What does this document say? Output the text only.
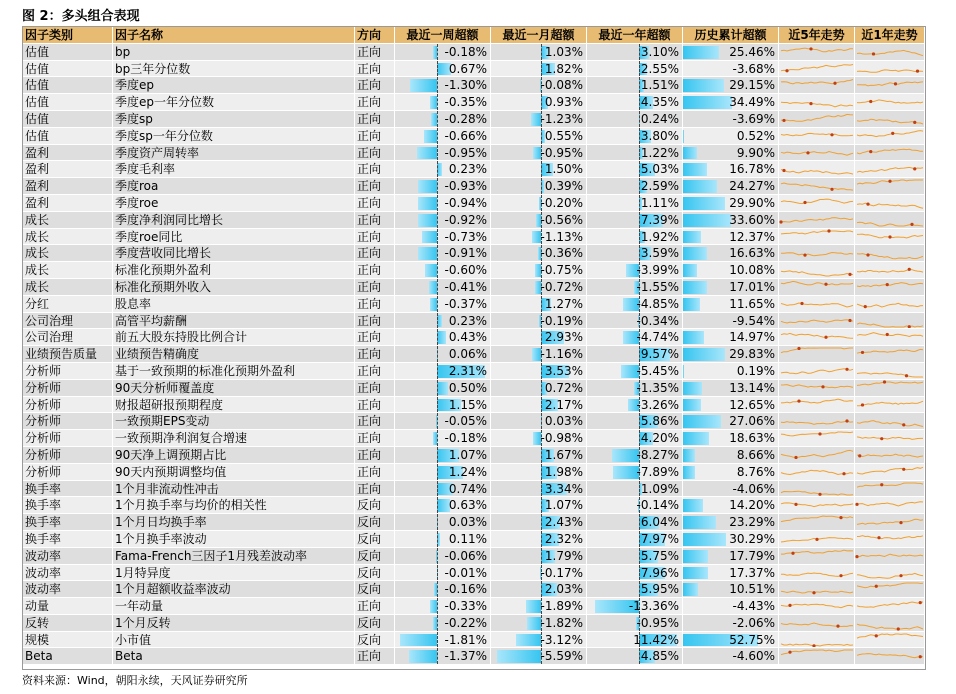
图 2：多头组合表现
因子类别	因子名称	方向	最近一周超额	最近一月超额	最近一年超额	历史累计超额	近5年走势	近1年走势
估值	bp	正向	-0.18%	1.03%	3.10%	25.46%
估值	bp三年分位数	正向	0.67%	1.82%	2.55%	-3.68%
估值	季度ep	正向	-1.30%	-0.08%	1.51%	29.15%
估值	季度ep一年分位数	正向	-0.35%	0.93%	4.35%	34.49%
估值	季度sp	正向	-0.28%	-1.23%	0.24%	-3.69%
估值	季度sp一年分位数	正向	-0.66%	0.55%	3.80%	0.52%
盈利	季度资产周转率	正向	-0.95%	-0.95%	1.22%	9.90%
盈利	季度毛利率	正向	0.23%	1.50%	5.03%	16.78%
盈利	季度roa	正向	-0.93%	0.39%	2.59%	24.27%
盈利	季度roe	正向	-0.94%	-0.20%	1.11%	29.90%
成长	季度净利润同比增长	正向	-0.92%	-0.56%	7.39%	33.60%
成长	季度roe同比	正向	-0.73%	-1.13%	1.92%	12.37%
成长	季度营收同比增长	正向	-0.91%	-0.36%	3.59%	16.63%
成长	标准化预期外盈利	正向	-0.60%	-0.75%	-3.99%	10.08%
成长	标准化预期外收入	正向	-0.41%	-0.72%	-1.55%	17.01%
分红	股息率	正向	-0.37%	1.27%	-4.85%	11.65%
公司治理	高管平均薪酬	正向	0.23%	-0.19%	-0.34%	-9.54%
公司治理	前五大股东持股比例合计	正向	0.43%	2.93%	-4.74%	14.97%
业绩预告质量	业绩预告精确度	正向	0.06%	-1.16%	9.57%	29.83%
分析师	基于一致预期的标准化预期外盈利	正向	2.31%	3.53%	-5.45%	0.19%
分析师	90天分析师覆盖度	正向	0.50%	0.72%	-1.35%	13.14%
分析师	财报超研报预期程度	正向	1.15%	2.17%	-3.26%	12.65%
分析师	一致预期EPS变动	正向	-0.05%	0.03%	5.86%	27.06%
分析师	一致预期净利润复合增速	正向	-0.18%	-0.98%	4.20%	18.63%
分析师	90天净上调预期占比	正向	1.07%	1.67%	-8.27%	8.66%
分析师	90天内预期调整均值	正向	1.24%	1.98%	-7.89%	8.76%
换手率	1个月非流动性冲击	正向	0.74%	3.34%	1.09%	-4.06%
换手率	1个月换手率与均价的相关性	反向	0.63%	1.07%	-0.14%	14.20%
换手率	1个月日均换手率	反向	0.03%	2.43%	6.04%	23.29%
换手率	1个月换手率波动	反向	0.11%	2.32%	7.97%	30.29%
波动率	Fama-French三因子1月残差波动率	反向	-0.06%	1.79%	5.75%	17.79%
波动率	1月特异度	反向	-0.01%	-0.17%	7.96%	17.37%
波动率	1个月超额收益率波动	反向	-0.16%	2.03%	5.95%	10.51%
动量	一年动量	正向	-0.33%	-1.89%	-13.36%	-4.43%
反转	1个月反转	反向	-0.22%	-1.82%	-0.95%	-2.06%
规模	小市值	反向	-1.81%	-3.12%	11.42%	52.75%
Beta	Beta	正向	-1.37%	-5.59%	4.85%	-4.60%
资料来源：Wind，朝阳永续，天风证券研究所
